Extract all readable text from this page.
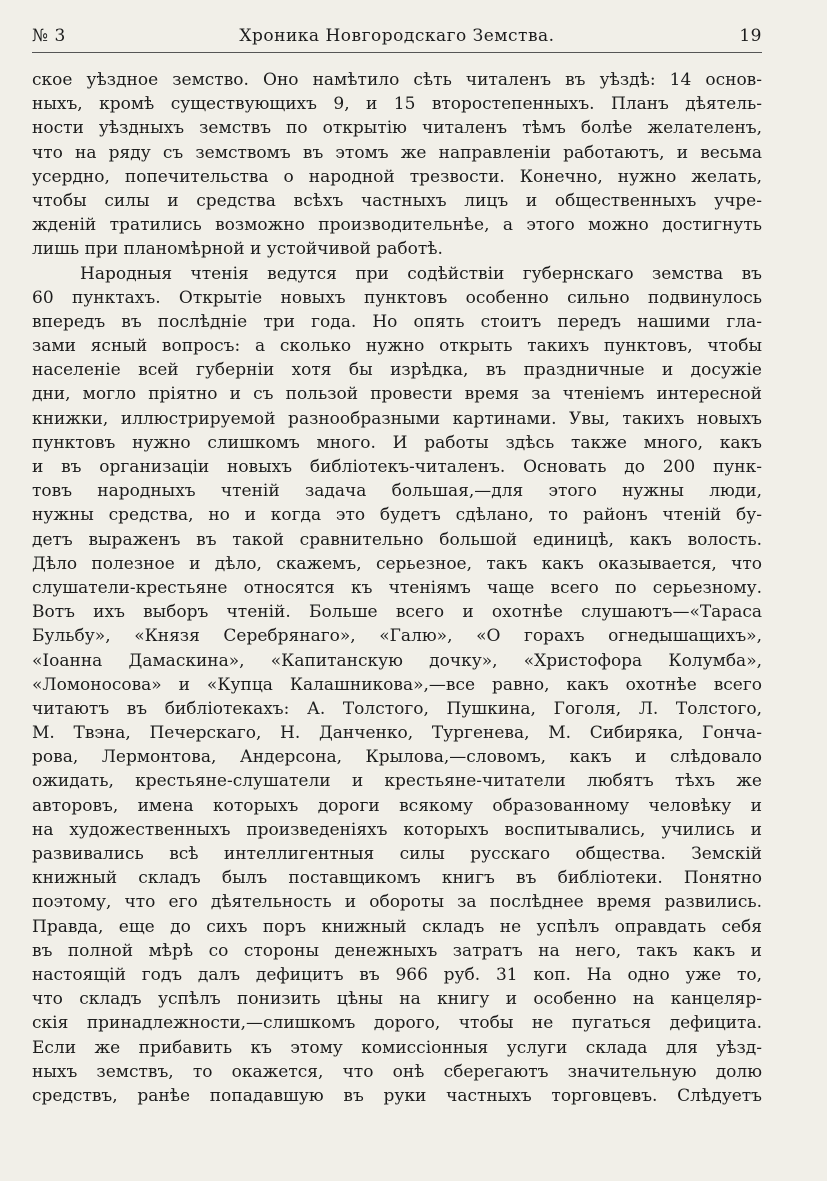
№ 3	Хроника Новгородскаго Земства.	19
ское уѣздное земство. Оно намѣтило сѣть читаленъ въ уѣздѣ: 14 основ-
ныхъ, кромѣ существующихъ 9, и 15 второстепенныхъ. Планъ дѣятель-
ности уѣздныхъ земствъ по открытію читаленъ тѣмъ болѣе желателенъ,
что на ряду съ земствомъ въ этомъ же направленіи работаютъ, и весьма
усердно, попечительства о народной трезвости. Конечно, нужно желать,
чтобы силы и средства всѣхъ частныхъ лицъ и общественныхъ учре-
жденій тратились возможно производительнѣе, а этого можно достигнуть
лишь при планомѣрной и устойчивой работѣ.
Народныя чтенія ведутся при содѣйствіи губернскаго земства въ
60 пунктахъ. Открытіе новыхъ пунктовъ особенно сильно подвинулось
впередъ въ послѣдніе три года. Но опять стоитъ передъ нашими гла-
зами ясный вопросъ: а сколько нужно открыть такихъ пунктовъ, чтобы
населеніе всей губерніи хотя бы изрѣдка, въ праздничные и досужіе
дни, могло пріятно и съ пользой провести время за чтеніемъ интересной
книжки, иллюстрируемой разнообразными картинами. Увы, такихъ новыхъ
пунктовъ нужно слишкомъ много. И работы здѣсь также много, какъ
и въ организаціи новыхъ библіотекъ-читаленъ. Основать до 200 пунк-
товъ народныхъ чтеній задача большая,—для этого нужны люди,
нужны средства, но и когда это будетъ сдѣлано, то районъ чтеній бу-
детъ выраженъ въ такой сравнительно большой единицѣ, какъ волость.
Дѣло полезное и дѣло, скажемъ, серьезное, такъ какъ оказывается, что
слушатели-крестьяне относятся къ чтеніямъ чаще всего по серьезному.
Вотъ ихъ выборъ чтеній. Больше всего и охотнѣе слушаютъ—«Тараса
Бульбу», «Князя Серебрянаго», «Галю», «О горахъ огнедышащихъ»,
«Іоанна Дамаскина», «Капитанскую дочку», «Христофора Колумба»,
«Ломоносова» и «Купца Калашникова»,—все равно, какъ охотнѣе всего
читаютъ въ библіотекахъ: А. Толстого, Пушкина, Гоголя, Л. Толстого,
М. Твэна, Печерскаго, Н. Данченко, Тургенева, М. Сибиряка, Гонча-
рова, Лермонтова, Андерсона, Крылова,—словомъ, какъ и слѣдовало
ожидать, крестьяне-слушатели и крестьяне-читатели любятъ тѣхъ же
авторовъ, имена которыхъ дороги всякому образованному человѣку и
на художественныхъ произведеніяхъ которыхъ воспитывались, учились и
развивались всѣ интеллигентныя силы русскаго общества. Земскій
книжный складъ былъ поставщикомъ книгъ въ библіотеки. Понятно
поэтому, что его дѣятельность и обороты за послѣднее время развились.
Правда, еще до сихъ поръ книжный складъ не успѣлъ оправдать себя
въ полной мѣрѣ со стороны денежныхъ затратъ на него, такъ какъ и
настоящій годъ далъ дефицитъ въ 966 руб. 31 коп. На одно уже то,
что складъ успѣлъ понизить цѣны на книгу и особенно на канцеляр-
скія принадлежности,—слишкомъ дорого, чтобы не пугаться дефицита.
Если же прибавить къ этому комиссіонныя услуги склада для уѣзд-
ныхъ земствъ, то окажется, что онѣ сберегаютъ значительную долю
средствъ, ранѣе попадавшую въ руки частныхъ торговцевъ. Слѣдуетъ
